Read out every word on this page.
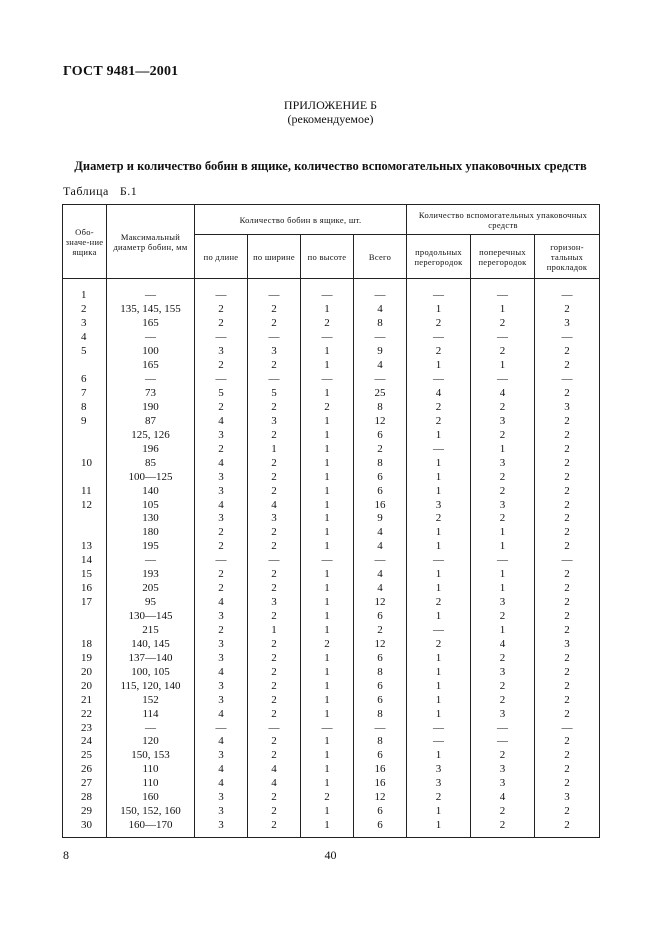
ГОСТ 9481—2001
ПРИЛОЖЕНИЕ Б
(рекомендуемое)
Диаметр и количество бобин в ящике, количество вспомогательных упаковочных средств
Таблица Б.1
Обо-значе-ние ящика	Максимальный диаметр бобин, мм	Количество бобин в ящике, шт.				Количество вспомогательных упаковочных средств		
		по длине	по ширине	по высоте	Всего	продольных перегородок	поперечных перегородок	горизон-тальных прокладок

1	—	—	—	—	—	—	—	—
2	135, 145, 155	2	2	1	4	1	1	2
3	165	2	2	2	8	2	2	3
4	—	—	—	—	—	—	—	—
5	100	3	3	1	9	2	2	2
	165	2	2	1	4	1	1	2
6	—	—	—	—	—	—	—	—
7	73	5	5	1	25	4	4	2
8	190	2	2	2	8	2	2	3
9	87	4	3	1	12	2	3	2
	125, 126	3	2	1	6	1	2	2
	196	2	1	1	2	—	1	2
10	85	4	2	1	8	1	3	2
	100—125	3	2	1	6	1	2	2
11	140	3	2	1	6	1	2	2
12	105	4	4	1	16	3	3	2
	130	3	3	1	9	2	2	2
	180	2	2	1	4	1	1	2
13	195	2	2	1	4	1	1	2
14	—	—	—	—	—	—	—	—
15	193	2	2	1	4	1	1	2
16	205	2	2	1	4	1	1	2
17	95	4	3	1	12	2	3	2
	130—145	3	2	1	6	1	2	2
	215	2	1	1	2	—	1	2
18	140, 145	3	2	2	12	2	4	3
19	137—140	3	2	1	6	1	2	2
20	100, 105	4	2	1	8	1	3	2
20	115, 120, 140	3	2	1	6	1	2	2
21	152	3	2	1	6	1	2	2
22	114	4	2	1	8	1	3	2
23	—	—	—	—	—	—	—	—
24	120	4	2	1	8	—	—	2
25	150, 153	3	2	1	6	1	2	2
26	110	4	4	1	16	3	3	2
27	110	4	4	1	16	3	3	2
28	160	3	2	2	12	2	4	3
29	150, 152, 160	3	2	1	6	1	2	2
30	160—170	3	2	1	6	1	2	2
8	40
